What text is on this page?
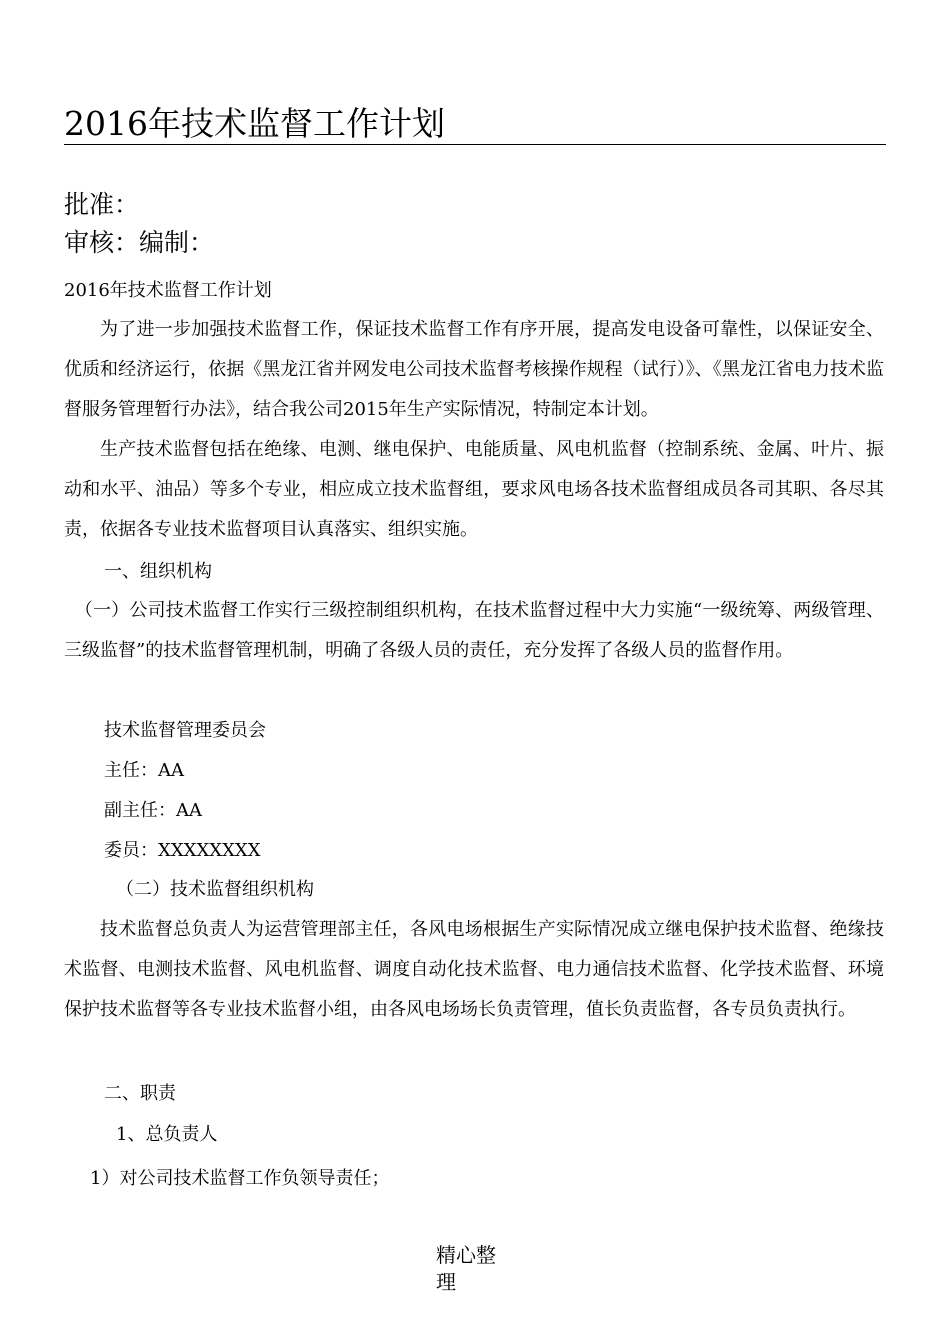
2016年技术监督工作计划
批准：
审核：编制：
2016年技术监督工作计划

为了进一步加强技术监督工作，保证技术监督工作有序开展，提高发电设备可靠性，以保证安全、优质和经济运行，依据《黑龙江省并网发电公司技术监督考核操作规程（试行）》、《黑龙江省电力技术监督服务管理暂行办法》，结合我公司2015年生产实际情况，特制定本计划。

生产技术监督包括在绝缘、电测、继电保护、电能质量、风电机监督（控制系统、金属、叶片、振动和水平、油品）等多个专业，相应成立技术监督组，要求风电场各技术监督组成员各司其职、各尽其责，依据各专业技术监督项目认真落实、组织实施。

一、组织机构

（一）公司技术监督工作实行三级控制组织机构，在技术监督过程中大力实施“一级统筹、两级管理、三级监督”的技术监督管理机制，明确了各级人员的责任，充分发挥了各级人员的监督作用。

技术监督管理委员会
主任：AA
副主任：AA
委员：XXXXXXXX
（二）技术监督组织机构

技术监督总负责人为运营管理部主任，各风电场根据生产实际情况成立继电保护技术监督、绝缘技术监督、电测技术监督、风电机监督、调度自动化技术监督、电力通信技术监督、化学技术监督、环境保护技术监督等各专业技术监督小组，由各风电场场长负责管理，值长负责监督，各专员负责执行。

二、职责
1、总负责人
1）对公司技术监督工作负领导责任；
精心整
理
